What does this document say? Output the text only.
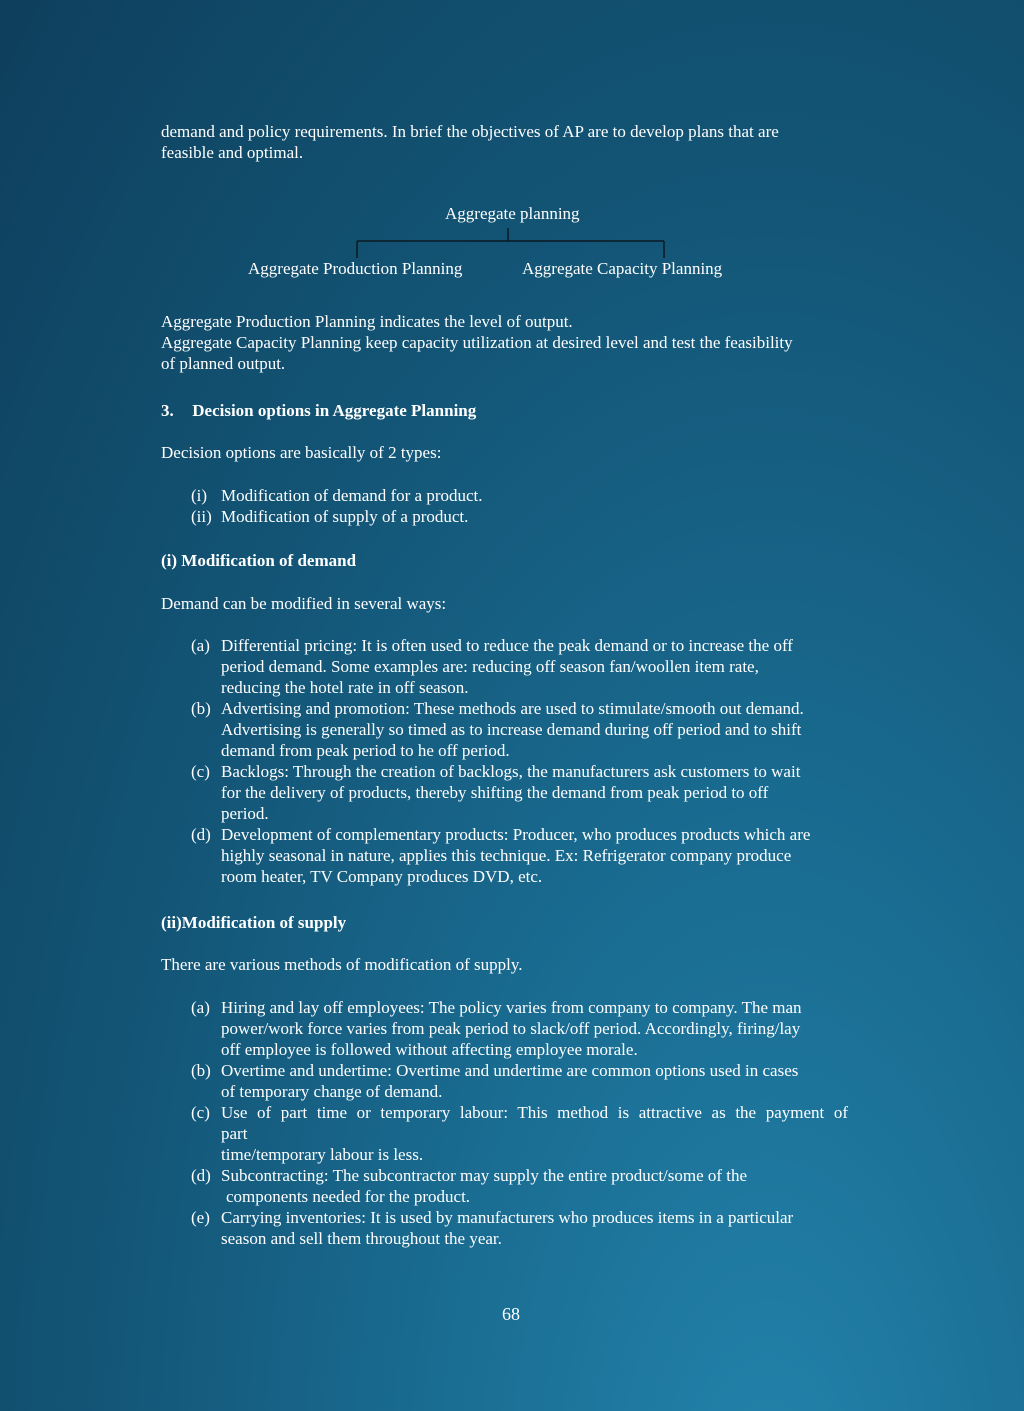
demand and policy requirements. In brief the objectives of AP are to develop plans that are
feasible and optimal.
Aggregate planning
Aggregate Production Planning	Aggregate Capacity Planning
Aggregate Production Planning indicates the level of output.
Aggregate Capacity Planning keep capacity utilization at desired level and test the feasibility
of planned output.
3. Decision options in Aggregate Planning
Decision options are basically of 2 types:
(i) Modification of demand for a product.
(ii) Modification of supply of a product.
(i) Modification of demand
Demand can be modified in several ways:
(a) Differential pricing: It is often used to reduce the peak demand or to increase the off
period demand. Some examples are: reducing off season fan/woollen item rate,
reducing the hotel rate in off season.
(b) Advertising and promotion: These methods are used to stimulate/smooth out demand.
Advertising is generally so timed as to increase demand during off period and to shift
demand from peak period to he off period.
(c) Backlogs: Through the creation of backlogs, the manufacturers ask customers to wait
for the delivery of products, thereby shifting the demand from peak period to off
period.
(d) Development of complementary products: Producer, who produces products which are
highly seasonal in nature, applies this technique. Ex: Refrigerator company produce
room heater, TV Company produces DVD, etc.
(ii)Modification of supply
There are various methods of modification of supply.
(a) Hiring and lay off employees: The policy varies from company to company. The man
power/work force varies from peak period to slack/off period. Accordingly, firing/lay
off employee is followed without affecting employee morale.
(b) Overtime and undertime: Overtime and undertime are common options used in cases
of temporary change of demand.
(c) Use of part time or temporary labour: This method is attractive as the payment of
part
time/temporary labour is less.
(d) Subcontracting: The subcontractor may supply the entire product/some of the
components needed for the product.
(e) Carrying inventories: It is used by manufacturers who produces items in a particular
season and sell them throughout the year.
68
